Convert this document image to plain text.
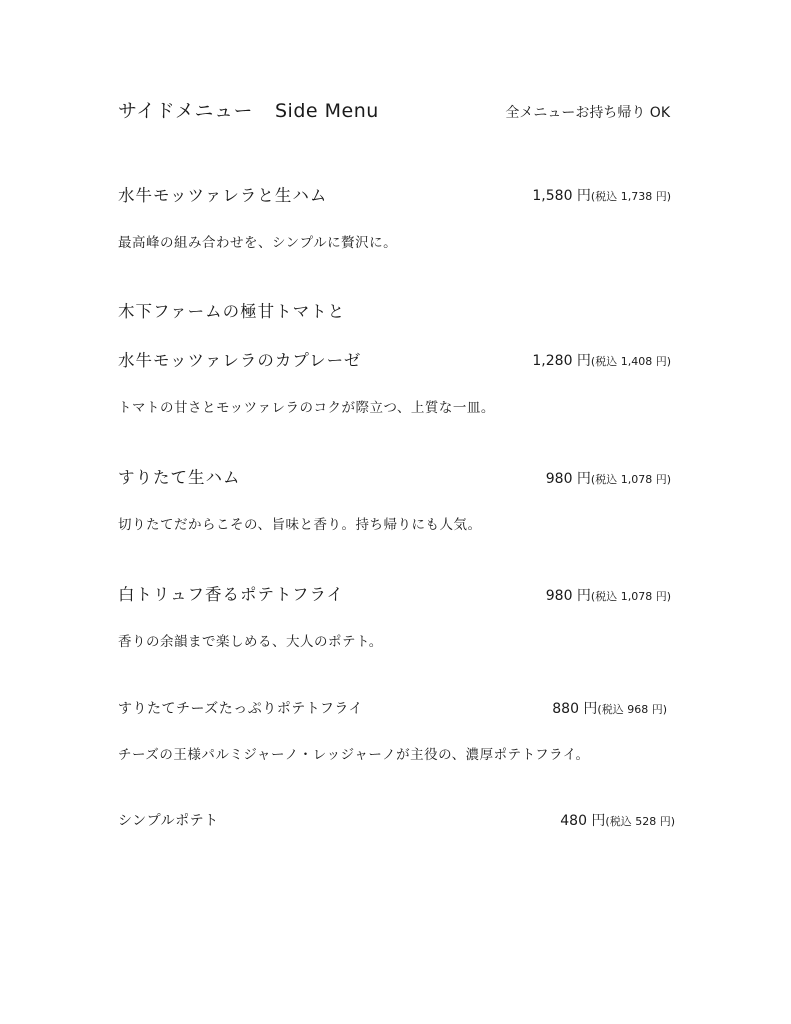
サイドメニュー Side Menu	全メニューお持ち帰り OK
水牛モッツァレラと生ハム	1,580 円(税込 1,738 円)
最高峰の組み合わせを、シンプルに贅沢に。
木下ファームの極甘トマトと
水牛モッツァレラのカプレーゼ	1,280 円(税込 1,408 円)
トマトの甘さとモッツァレラのコクが際立つ、上質な一皿。
すりたて生ハム	980 円(税込 1,078 円)
切りたてだからこその、旨味と香り。持ち帰りにも人気。
白トリュフ香るポテトフライ	980 円(税込 1,078 円)
香りの余韻まで楽しめる、大人のポテト。
すりたてチーズたっぷりポテトフライ	880 円(税込 968 円)
チーズの王様パルミジャーノ・レッジャーノが主役の、濃厚ポテトフライ。
シンプルポテト	480 円(税込 528 円)
